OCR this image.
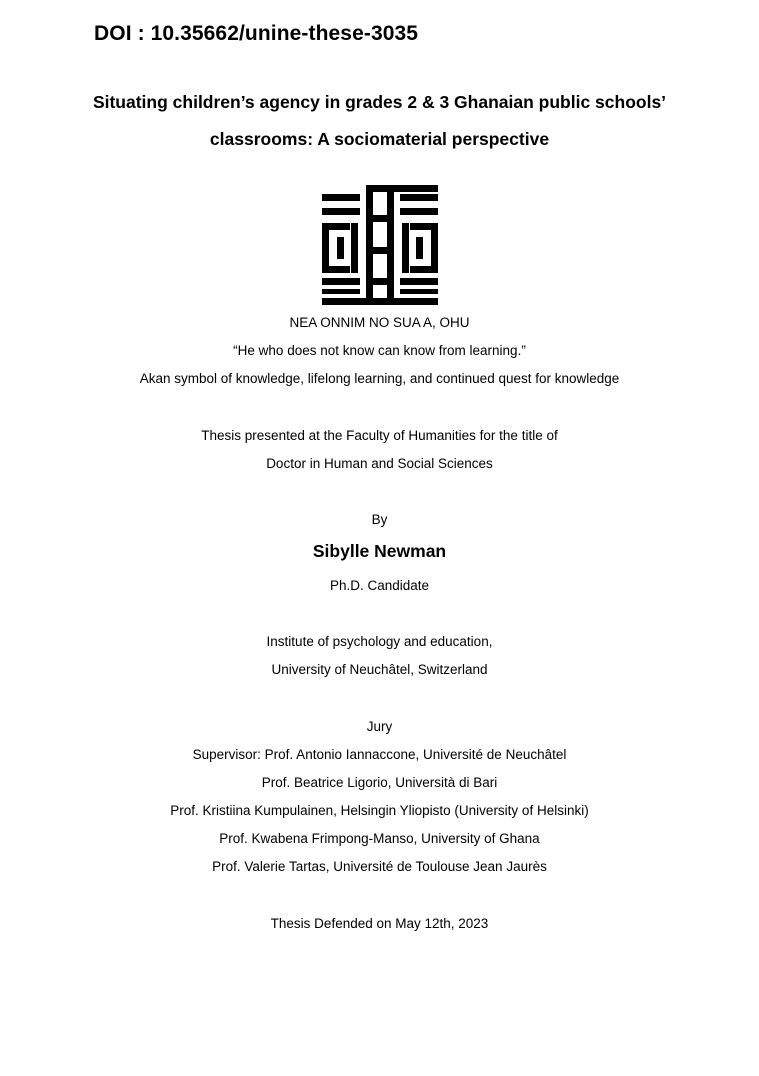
DOI : 10.35662/unine-these-3035
Situating children’s agency in grades 2 & 3 Ghanaian public schools’
classrooms: A sociomaterial perspective
NEA ONNIM NO SUA A, OHU
“He who does not know can know from learning.”
Akan symbol of knowledge, lifelong learning, and continued quest for knowledge
Thesis presented at the Faculty of Humanities for the title of
Doctor in Human and Social Sciences
By
Sibylle Newman
Ph.D. Candidate
Institute of psychology and education,
University of Neuchâtel, Switzerland
Jury
Supervisor: Prof. Antonio Iannaccone, Université de Neuchâtel
Prof. Beatrice Ligorio, Università di Bari
Prof. Kristiina Kumpulainen, Helsingin Yliopisto (University of Helsinki)
Prof. Kwabena Frimpong-Manso, University of Ghana
Prof. Valerie Tartas, Université de Toulouse Jean Jaurès
Thesis Defended on May 12th, 2023
